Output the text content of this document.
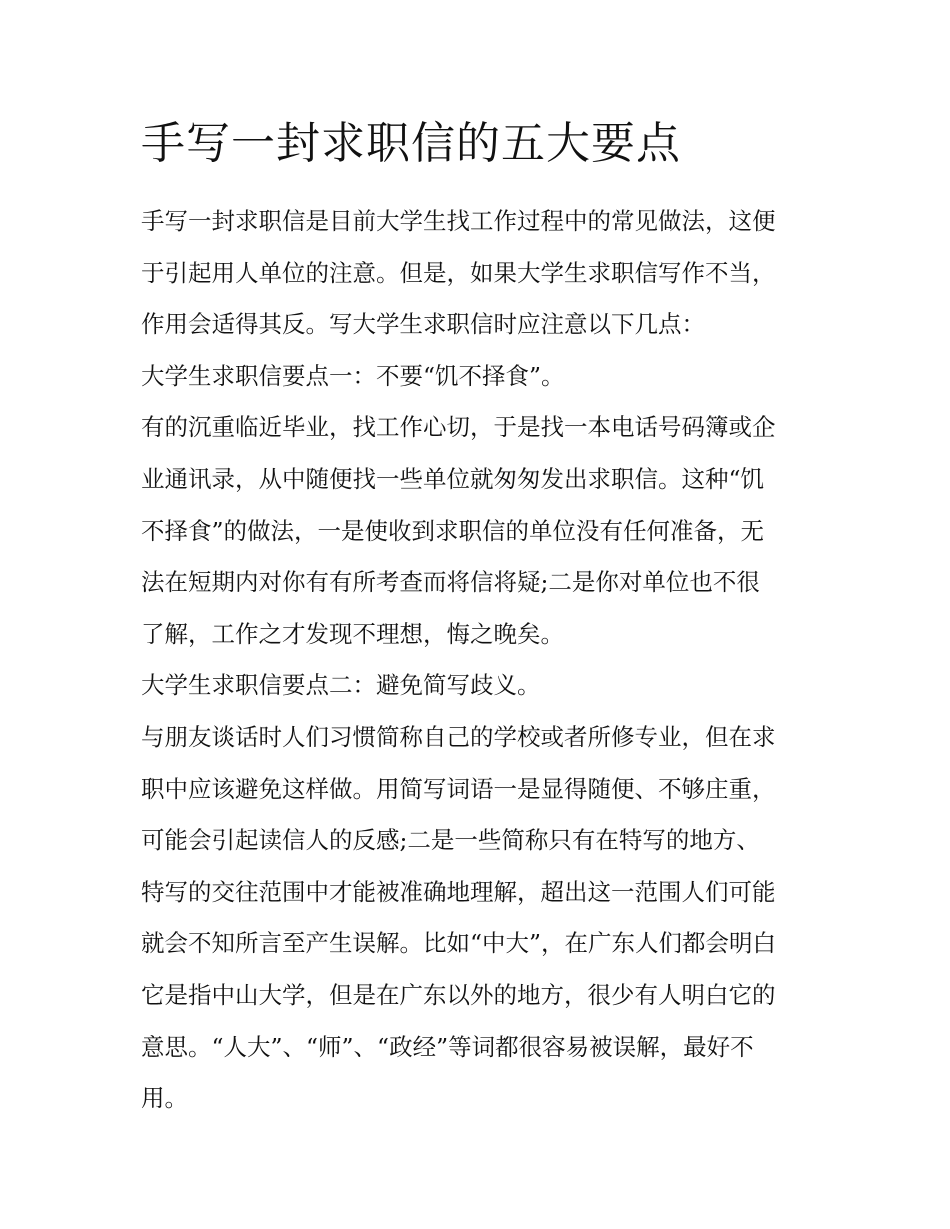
手写一封求职信的五大要点
手写一封求职信是目前大学生找工作过程中的常见做法，这便
于引起用人单位的注意。但是，如果大学生求职信写作不当，
作用会适得其反。写大学生求职信时应注意以下几点：
大学生求职信要点一：不要“饥不择食”。
有的沉重临近毕业，找工作心切，于是找一本电话号码簿或企
业通讯录，从中随便找一些单位就匆匆发出求职信。这种“饥
不择食”的做法，一是使收到求职信的单位没有任何准备，无
法在短期内对你有有所考查而将信将疑;二是你对单位也不很
了解，工作之才发现不理想，悔之晚矣。
大学生求职信要点二：避免简写歧义。
与朋友谈话时人们习惯简称自己的学校或者所修专业，但在求
职中应该避免这样做。用简写词语一是显得随便、不够庄重，
可能会引起读信人的反感;二是一些简称只有在特写的地方、
特写的交往范围中才能被准确地理解，超出这一范围人们可能
就会不知所言至产生误解。比如“中大”，在广东人们都会明白
它是指中山大学，但是在广东以外的地方，很少有人明白它的
意思。“人大”、“师”、“政经”等词都很容易被误解，最好不
用。
